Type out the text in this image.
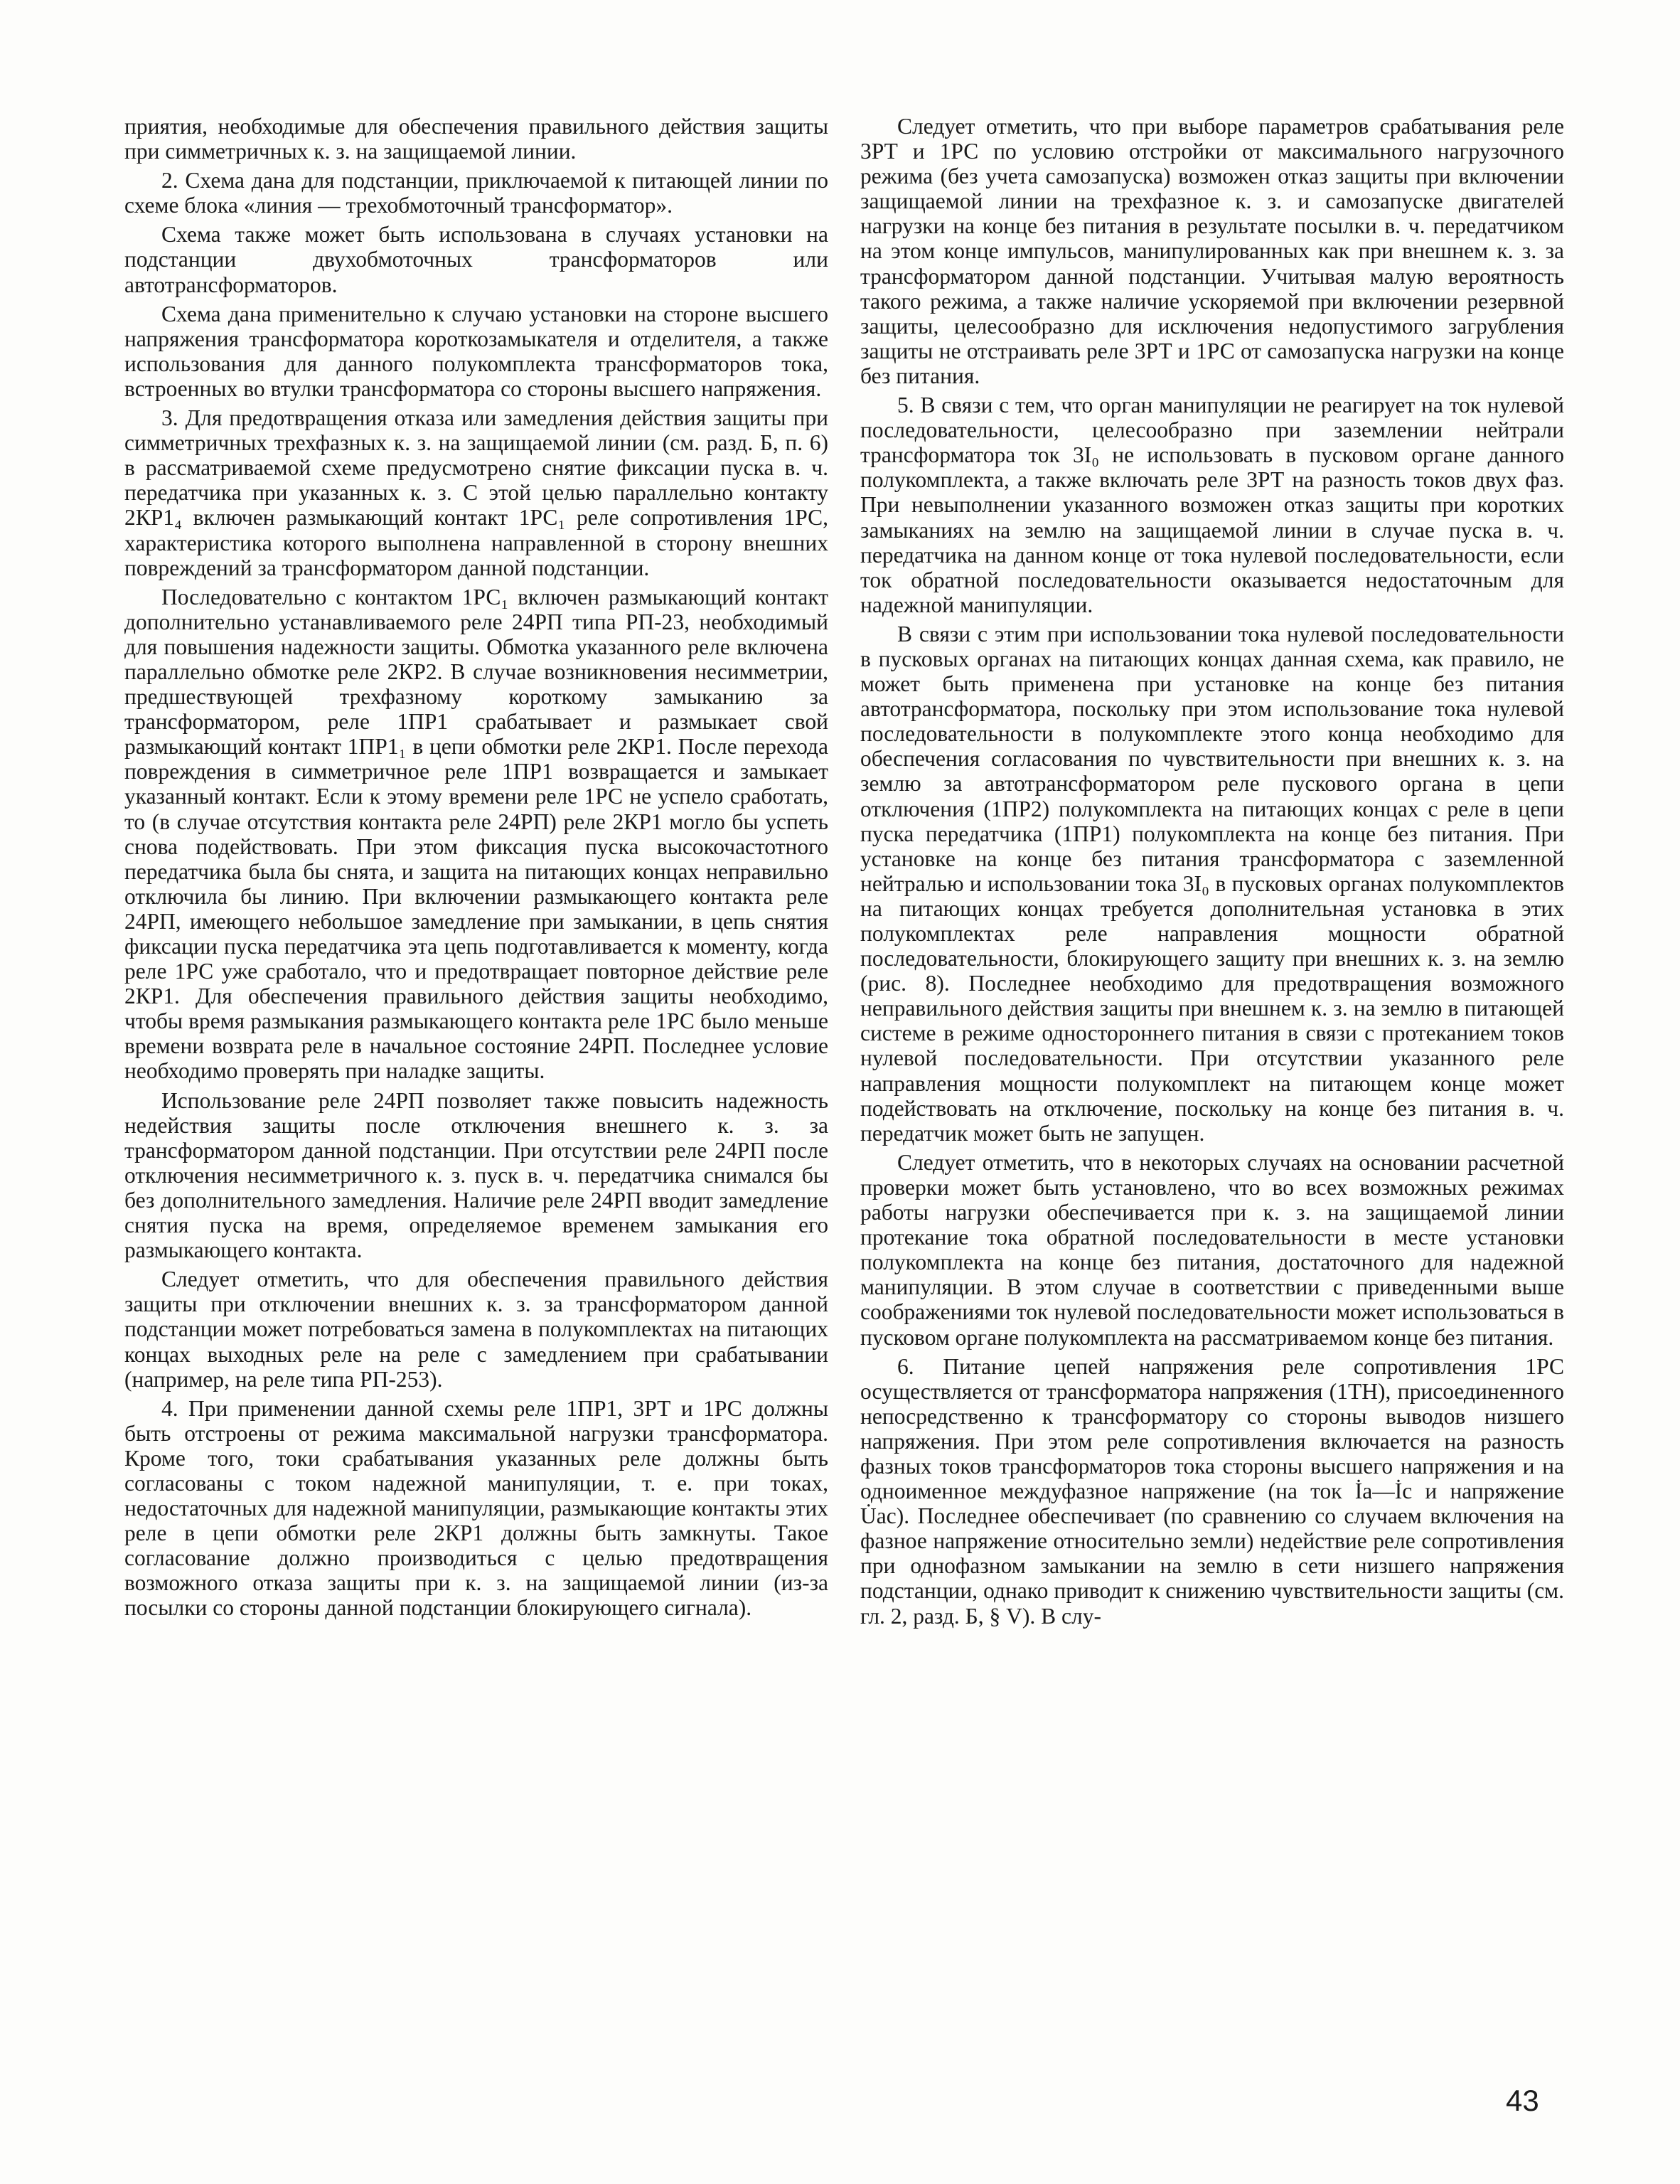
приятия, необходимые для обеспечения правильного действия защиты при симметричных к. з. на защищаемой линии.

2. Схема дана для подстанции, приключаемой к питающей линии по схеме блока «линия — трехобмоточный трансформатор».

Схема также может быть использована в случаях установки на подстанции двухобмоточных трансформаторов или автотрансформаторов.

Схема дана применительно к случаю установки на стороне высшего напряжения трансформатора короткозамыкателя и отделителя, а также использования для данного полукомплекта трансформаторов тока, встроенных во втулки трансформатора со стороны высшего напряжения.

3. Для предотвращения отказа или замедления действия защиты при симметричных трехфазных к. з. на защищаемой линии (см. разд. Б, п. 6) в рассматриваемой схеме предусмотрено снятие фиксации пуска в. ч. передатчика при указанных к. з. С этой целью параллельно контакту 2КР1₄ включен размыкающий контакт 1РС₁ реле сопротивления 1РС, характеристика которого выполнена направленной в сторону внешних повреждений за трансформатором данной подстанции.

Последовательно с контактом 1РС₁ включен размыкающий контакт дополнительно устанавливаемого реле 24РП типа РП-23, необходимый для повышения надежности защиты. Обмотка указанного реле включена параллельно обмотке реле 2КР2. В случае возникновения несимметрии, предшествующей трехфазному короткому замыканию за трансформатором, реле 1ПР1 срабатывает и размыкает свой размыкающий контакт 1ПР1₁ в цепи обмотки реле 2КР1. После перехода повреждения в симметричное реле 1ПР1 возвращается и замыкает указанный контакт. Если к этому времени реле 1РС не успело сработать, то (в случае отсутствия контакта реле 24РП) реле 2КР1 могло бы успеть снова подействовать. При этом фиксация пуска высокочастотного передатчика была бы снята, и защита на питающих концах неправильно отключила бы линию. При включении размыкающего контакта реле 24РП, имеющего небольшое замедление при замыкании, в цепь снятия фиксации пуска передатчика эта цепь подготавливается к моменту, когда реле 1РС уже сработало, что и предотвращает повторное действие реле 2КР1. Для обеспечения правильного действия защиты необходимо, чтобы время размыкания размыкающего контакта реле 1РС было меньше времени возврата реле в начальное состояние 24РП. Последнее условие необходимо проверять при наладке защиты.

Использование реле 24РП позволяет также повысить надежность недействия защиты после отключения внешнего к. з. за трансформатором данной подстанции. При отсутствии реле 24РП после отключения несимметричного к. з. пуск в. ч. передатчика снимался бы без дополнительного замедления. Наличие реле 24РП вводит замедление снятия пуска на время, определяемое временем замыкания его размыкающего контакта.

Следует отметить, что для обеспечения правильного действия защиты при отключении внешних к. з. за трансформатором данной подстанции может потребоваться замена в полукомплектах на питающих концах выходных реле на реле с замедлением при срабатывании (например, на реле типа РП-253).

4. При применении данной схемы реле 1ПР1, 3РТ и 1РС должны быть отстроены от режима максимальной нагрузки трансформатора. Кроме того, токи срабатывания указанных реле должны быть согласованы с током надежной манипуляции, т. е. при токах, недостаточных для надежной манипуляции, размыкающие контакты этих реле в цепи обмотки реле 2КР1 должны быть замкнуты. Такое согласование должно производиться с целью предотвращения возможного отказа защиты при к. з. на защищаемой линии (из-за посылки со стороны данной подстанции блокирующего сигнала).

Следует отметить, что при выборе параметров срабатывания реле 3РТ и 1РС по условию отстройки от максимального нагрузочного режима (без учета самозапуска) возможен отказ защиты при включении защищаемой линии на трехфазное к. з. и самозапуске двигателей нагрузки на конце без питания в результате посылки в. ч. передатчиком на этом конце импульсов, манипулированных как при внешнем к. з. за трансформатором данной подстанции. Учитывая малую вероятность такого режима, а также наличие ускоряемой при включении резервной защиты, целесообразно для исключения недопустимого загрубления защиты не отстраивать реле 3РТ и 1РС от самозапуска нагрузки на конце без питания.

5. В связи с тем, что орган манипуляции не реагирует на ток нулевой последовательности, целесообразно при заземлении нейтрали трансформатора ток 3I₀ не использовать в пусковом органе данного полукомплекта, а также включать реле 3РТ на разность токов двух фаз. При невыполнении указанного возможен отказ защиты при коротких замыканиях на землю на защищаемой линии в случае пуска в. ч. передатчика на данном конце от тока нулевой последовательности, если ток обратной последовательности оказывается недостаточным для надежной манипуляции.

В связи с этим при использовании тока нулевой последовательности в пусковых органах на питающих концах данная схема, как правило, не может быть применена при установке на конце без питания автотрансформатора, поскольку при этом использование тока нулевой последовательности в полукомплекте этого конца необходимо для обеспечения согласования по чувствительности при внешних к. з. на землю за автотрансформатором реле пускового органа в цепи отключения (1ПР2) полукомплекта на питающих концах с реле в цепи пуска передатчика (1ПР1) полукомплекта на конце без питания. При установке на конце без питания трансформатора с заземленной нейтралью и использовании тока 3I₀ в пусковых органах полукомплектов на питающих концах требуется дополнительная установка в этих полукомплектах реле направления мощности обратной последовательности, блокирующего защиту при внешних к. з. на землю (рис. 8). Последнее необходимо для предотвращения возможного неправильного действия защиты при внешнем к. з. на землю в питающей системе в режиме одностороннего питания в связи с протеканием токов нулевой последовательности. При отсутствии указанного реле направления мощности полукомплект на питающем конце может подействовать на отключение, поскольку на конце без питания в. ч. передатчик может быть не запущен.

Следует отметить, что в некоторых случаях на основании расчетной проверки может быть установлено, что во всех возможных режимах работы нагрузки обеспечивается при к. з. на защищаемой линии протекание тока обратной последовательности в месте установки полукомплекта на конце без питания, достаточного для надежной манипуляции. В этом случае в соответствии с приведенными выше соображениями ток нулевой последовательности может использоваться в пусковом органе полукомплекта на рассматриваемом конце без питания.

6. Питание цепей напряжения реле сопротивления 1РС осуществляется от трансформатора напряжения (1ТН), присоединенного непосредственно к трансформатору со стороны выводов низшего напряжения. При этом реле сопротивления включается на разность фазных токов трансформаторов тока стороны высшего напряжения и на одноименное междуфазное напряжение (на ток İa—İc и напряжение U̇ac). Последнее обеспечивает (по сравнению со случаем включения на фазное напряжение относительно земли) недействие реле сопротивления при однофазном замыкании на землю в сети низшего напряжения подстанции, однако приводит к снижению чувствительности защиты (см. гл. 2, разд. Б, § V). В слу-

43
